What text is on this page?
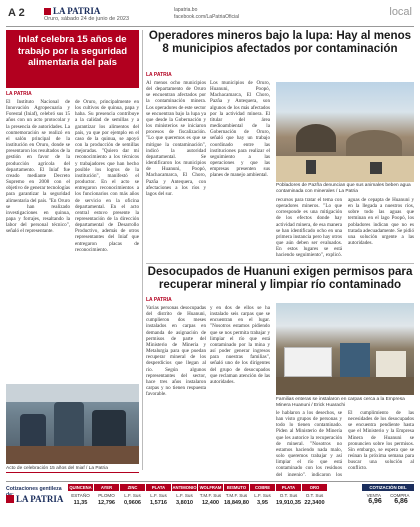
A 2	LA PATRIA
Oruro, sábado 24 de junio de 2023
lapatria.bo
facebook.com/LaPatriaOficial	local
Inlaf celebra 15 años de trabajo por la seguridad alimentaria del país
LA PATRIA

El Instituto Nacional de Innovación Agropecuaria y Forestal (Iniaf), celebró sus 15 años con un acto protocolar y la presencia de autoridades. La conmemoración se realizó en el salón principal de la institución en Oruro, donde se presentaron los resultados de la gestión en favor de la producción agrícola del departamento. El Iniaf fue creado mediante Decreto Supremo en 2008 con el objetivo de generar tecnologías para garantizar la seguridad alimentaria del país. "En Oruro se han realizado investigaciones en quinua, papa y forrajes, resaltando la labor del personal técnico", señaló el representante.

de Oruro, principalmente en los cultivos de quinua, papa y haba. Su presencia contribuye a la calidad de semillas y a garantizar los alimentos del país, ya que por ejemplo en el caso de la quinua, se apoyó con la producción de semillas mejoradas. "Quiero dar mi reconocimiento a los técnicos y trabajadores que han hecho posible los logros de la institución", manifestó el productor. En el acto se entregaron reconocimientos a los funcionarios con más años de servicio en la oficina departamental. En el acto central estuvo presente la representación de la dirección departamental de Desarrollo Productivo, además de otros representantes del Iniaf que entregaron placas de reconocimiento.

Acto de celebración 15 años del Iniaf / La Patria
Operadores mineros bajo la lupa: Hay al menos 8 municipios afectados por contaminación
LA PATRIA
Al menos ocho municipios del departamento de Oruro se encuentran afectados por la contaminación minera. Los operadores de este sector se encuentran bajo la lupa ya que desde la Gobernación y los ministerios se iniciaron procesos de fiscalización. "Lo que queremos es que se mitigue la contaminación", indicó la autoridad departamental. Se identificaron los municipios de Huanuni, Poopó, Machacamarca, El Choro, Pazña y Antequera, con afectaciones a los ríos y lagos del sur.
Los municipios de Oruro, Huanuni, Poopó, Machacamarca, El Choro, Pazña y Antequera, son algunos de los más afectados por la actividad minera. El titular del área medioambiental de la Gobernación de Oruro, señaló que hay un trabajo coordinado entre las instituciones para realizar el seguimiento a las operaciones y que las empresas presenten sus planes de manejo ambiental.
Pobladores de Pazña denuncian que sus animales beben agua contaminada con minerales / La Patria
recursos para tratar el tema con operadores mineros. "Lo que corresponde es una mitigación de los efectos donde hay actividad minera, de esa manera se han identificado ocho en una primera instancia pero hay otros que aún deben ser evaluados. En estos lugares se está haciendo seguimiento", explicó.
aguas de cepapta de Huanuni y en la llegada a nuestros ríos, sobre todo las aguas que terminan en el lago Poopó, los pobladores indican que no es tratada adecuadamente. Se pidió una solución urgente a las autoridades.
Desocupados de Huanuni exigen permisos para recuperar mineral y limpiar río contaminado
LA PATRIA
Varias personas desocupadas del distrito de Huanuni, cumplieron dos meses instalados en carpas en demanda de asignación de permisos de parte del Ministerio de Minería y Metalurgia para que puedan recuperar mineral de los desperdicios que llegan al río. Según algunos representantes del sector, hace tres años instalaron carpas y no tienen respuesta favorable.
y en dos de ellos se ha instalado seis carpas que se encuentran en el lugar. "Nosotros estamos pidiendo que se nos permita trabajar y limpiar el río que está contaminado por la mina y así poder generar ingresos para nuestras familias", señaló uno de los dirigentes del grupo de desocupados que reclaman atención de las autoridades.
Familias enteras se instalaron en carpas cerca a la Empresa Minera Huanuni / Erick Huarachi
le hablaron a los desechos, se han visto grupos de personas y todo lo tienen contaminado. Piden al Ministerio de Minería que les autorice la recuperación de mineral. "Nosotros no estamos haciendo nada malo, solo queremos trabajar y así limpiar el río que está contaminado con los residuos del ingenio", indicaron los
El cumplimiento de las necesidades de los desocupados se encuentra pendiente hasta que el Ministerio y la Empresa Minera de Huanuni se pronuncien sobre los permisos. Sin embargo, se espera que se reúnan la próxima semana para buscar una solución al conflicto.
Cotizaciones gentileza
LA PATRIA
QUINCENA
ESTAÑO
11,35
AYER
PLOMO
12,796
ZINC
L.F. Sus
0,9606
PLATA
L.F. Sus
1,5716
ANTIMONIO
L.F. Sus
3,8010
WOLFRAM
T.M.F. Sus
12,400
BISMUTO
T.M.F. Sus
18,849,80
COBRE
L.F. Sus
3,95
PLATA
O.T. Sus
19,910,35
ORO
O.T. Sus
22,3400
COTIZACIÓN DEL DÓLAR
VENTA COMPRA
6,96 6,86
